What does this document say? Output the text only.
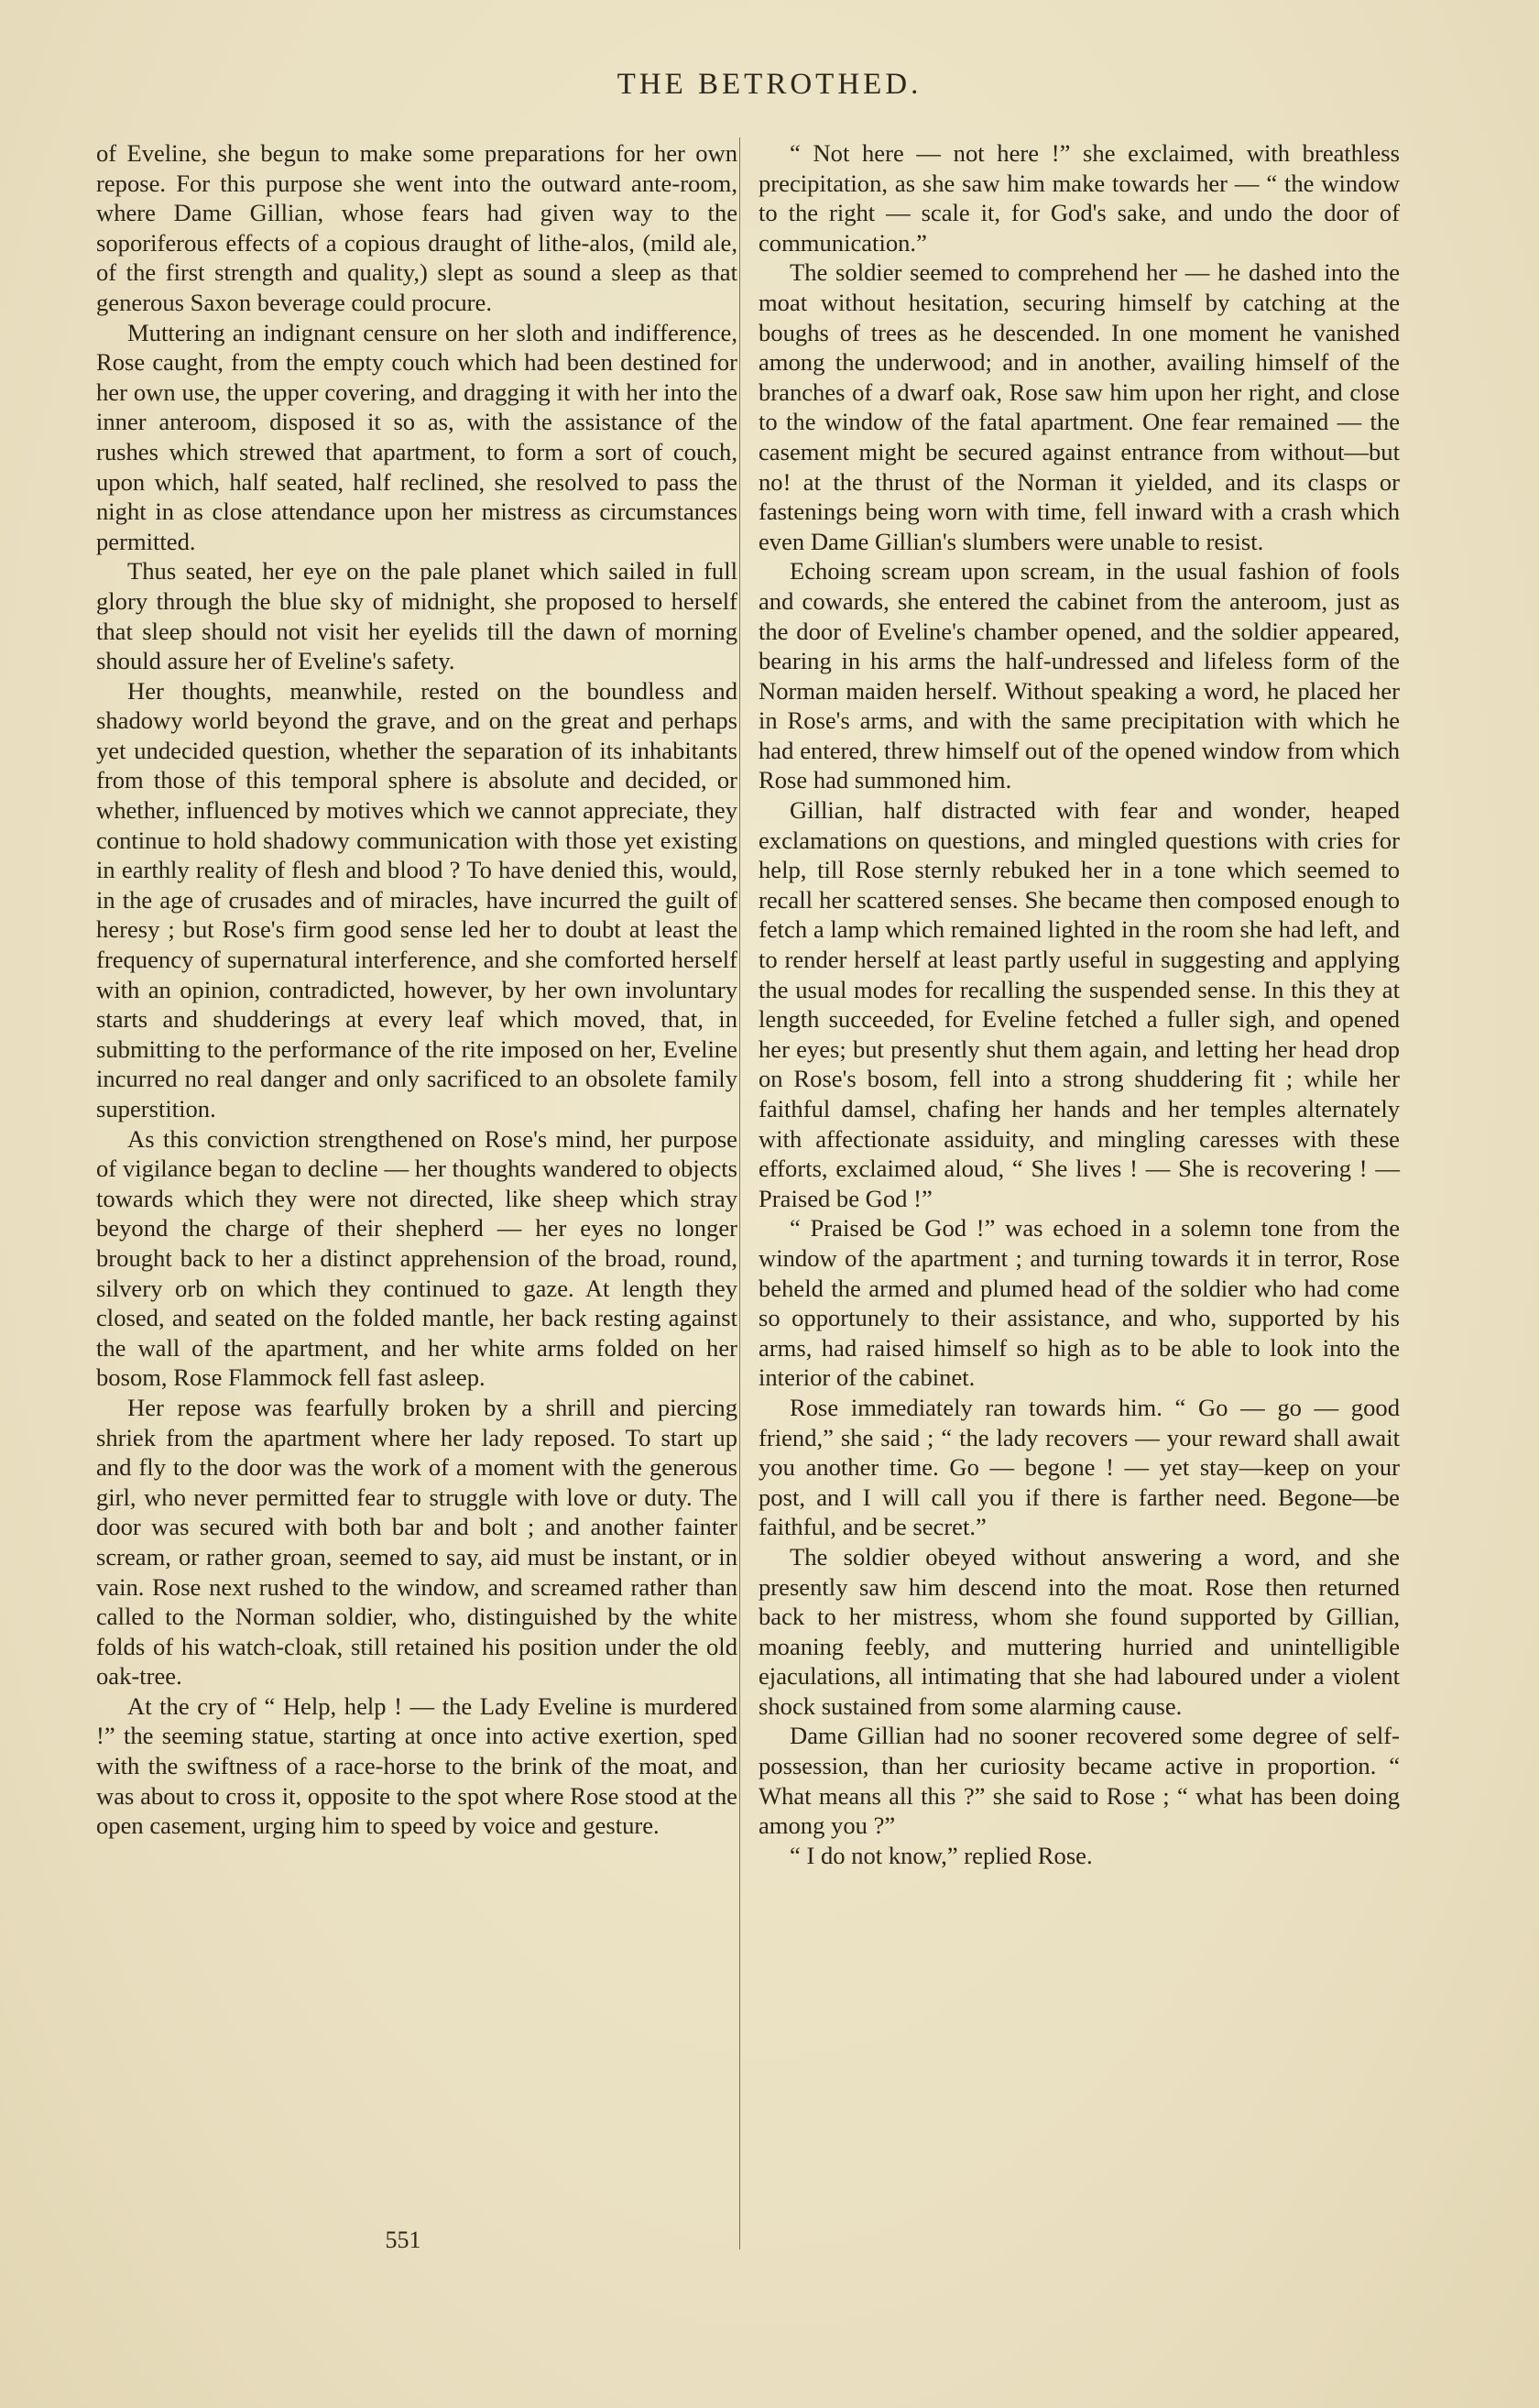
THE BETROTHED.

of Eveline, she begun to make some preparations for her own repose. For this purpose she went into the outward ante-room, where Dame Gillian, whose fears had given way to the soporiferous effects of a copious draught of lithe-alos, (mild ale, of the first strength and quality,) slept as sound a sleep as that generous Saxon beverage could procure.

Muttering an indignant censure on her sloth and indifference, Rose caught, from the empty couch which had been destined for her own use, the upper covering, and dragging it with her into the inner anteroom, disposed it so as, with the assistance of the rushes which strewed that apartment, to form a sort of couch, upon which, half seated, half reclined, she resolved to pass the night in as close attendance upon her mistress as circumstances permitted.

Thus seated, her eye on the pale planet which sailed in full glory through the blue sky of midnight, she proposed to herself that sleep should not visit her eyelids till the dawn of morning should assure her of Eveline's safety.

Her thoughts, meanwhile, rested on the boundless and shadowy world beyond the grave, and on the great and perhaps yet undecided question, whether the separation of its inhabitants from those of this temporal sphere is absolute and decided, or whether, influenced by motives which we cannot appreciate, they continue to hold shadowy communication with those yet existing in earthly reality of flesh and blood ? To have denied this, would, in the age of crusades and of miracles, have incurred the guilt of heresy ; but Rose's firm good sense led her to doubt at least the frequency of supernatural interference, and she comforted herself with an opinion, contradicted, however, by her own involuntary starts and shudderings at every leaf which moved, that, in submitting to the performance of the rite imposed on her, Eveline incurred no real danger and only sacrificed to an obsolete family superstition.

As this conviction strengthened on Rose's mind, her purpose of vigilance began to decline — her thoughts wandered to objects towards which they were not directed, like sheep which stray beyond the charge of their shepherd — her eyes no longer brought back to her a distinct apprehension of the broad, round, silvery orb on which they continued to gaze. At length they closed, and seated on the folded mantle, her back resting against the wall of the apartment, and her white arms folded on her bosom, Rose Flammock fell fast asleep.

Her repose was fearfully broken by a shrill and piercing shriek from the apartment where her lady reposed. To start up and fly to the door was the work of a moment with the generous girl, who never permitted fear to struggle with love or duty. The door was secured with both bar and bolt ; and another fainter scream, or rather groan, seemed to say, aid must be instant, or in vain. Rose next rushed to the window, and screamed rather than called to the Norman soldier, who, distinguished by the white folds of his watch-cloak, still retained his position under the old oak-tree.

At the cry of “ Help, help ! — the Lady Eveline is murdered !” the seeming statue, starting at once into active exertion, sped with the swiftness of a race-horse to the brink of the moat, and was about to cross it, opposite to the spot where Rose stood at the open casement, urging him to speed by voice and gesture.

“ Not here — not here !” she exclaimed, with breathless precipitation, as she saw him make towards her — “ the window to the right — scale it, for God's sake, and undo the door of communication.”

The soldier seemed to comprehend her — he dashed into the moat without hesitation, securing himself by catching at the boughs of trees as he descended. In one moment he vanished among the underwood; and in another, availing himself of the branches of a dwarf oak, Rose saw him upon her right, and close to the window of the fatal apartment. One fear remained — the casement might be secured against entrance from without—but no! at the thrust of the Norman it yielded, and its clasps or fastenings being worn with time, fell inward with a crash which even Dame Gillian's slumbers were unable to resist.

Echoing scream upon scream, in the usual fashion of fools and cowards, she entered the cabinet from the anteroom, just as the door of Eveline's chamber opened, and the soldier appeared, bearing in his arms the half-undressed and lifeless form of the Norman maiden herself. Without speaking a word, he placed her in Rose's arms, and with the same precipitation with which he had entered, threw himself out of the opened window from which Rose had summoned him.

Gillian, half distracted with fear and wonder, heaped exclamations on questions, and mingled questions with cries for help, till Rose sternly rebuked her in a tone which seemed to recall her scattered senses. She became then composed enough to fetch a lamp which remained lighted in the room she had left, and to render herself at least partly useful in suggesting and applying the usual modes for recalling the suspended sense. In this they at length succeeded, for Eveline fetched a fuller sigh, and opened her eyes; but presently shut them again, and letting her head drop on Rose's bosom, fell into a strong shuddering fit ; while her faithful damsel, chafing her hands and her temples alternately with affectionate assiduity, and mingling caresses with these efforts, exclaimed aloud, “ She lives ! — She is recovering ! — Praised be God !”

“ Praised be God !” was echoed in a solemn tone from the window of the apartment ; and turning towards it in terror, Rose beheld the armed and plumed head of the soldier who had come so opportunely to their assistance, and who, supported by his arms, had raised himself so high as to be able to look into the interior of the cabinet.

Rose immediately ran towards him. “ Go — go — good friend,” she said ; “ the lady recovers — your reward shall await you another time. Go — begone ! — yet stay—keep on your post, and I will call you if there is farther need. Begone—be faithful, and be secret.”

The soldier obeyed without answering a word, and she presently saw him descend into the moat. Rose then returned back to her mistress, whom she found supported by Gillian, moaning feebly, and muttering hurried and unintelligible ejaculations, all intimating that she had laboured under a violent shock sustained from some alarming cause.

Dame Gillian had no sooner recovered some degree of self-possession, than her curiosity became active in proportion. “ What means all this ?” she said to Rose ; “ what has been doing among you ?”

“ I do not know,” replied Rose.

551
